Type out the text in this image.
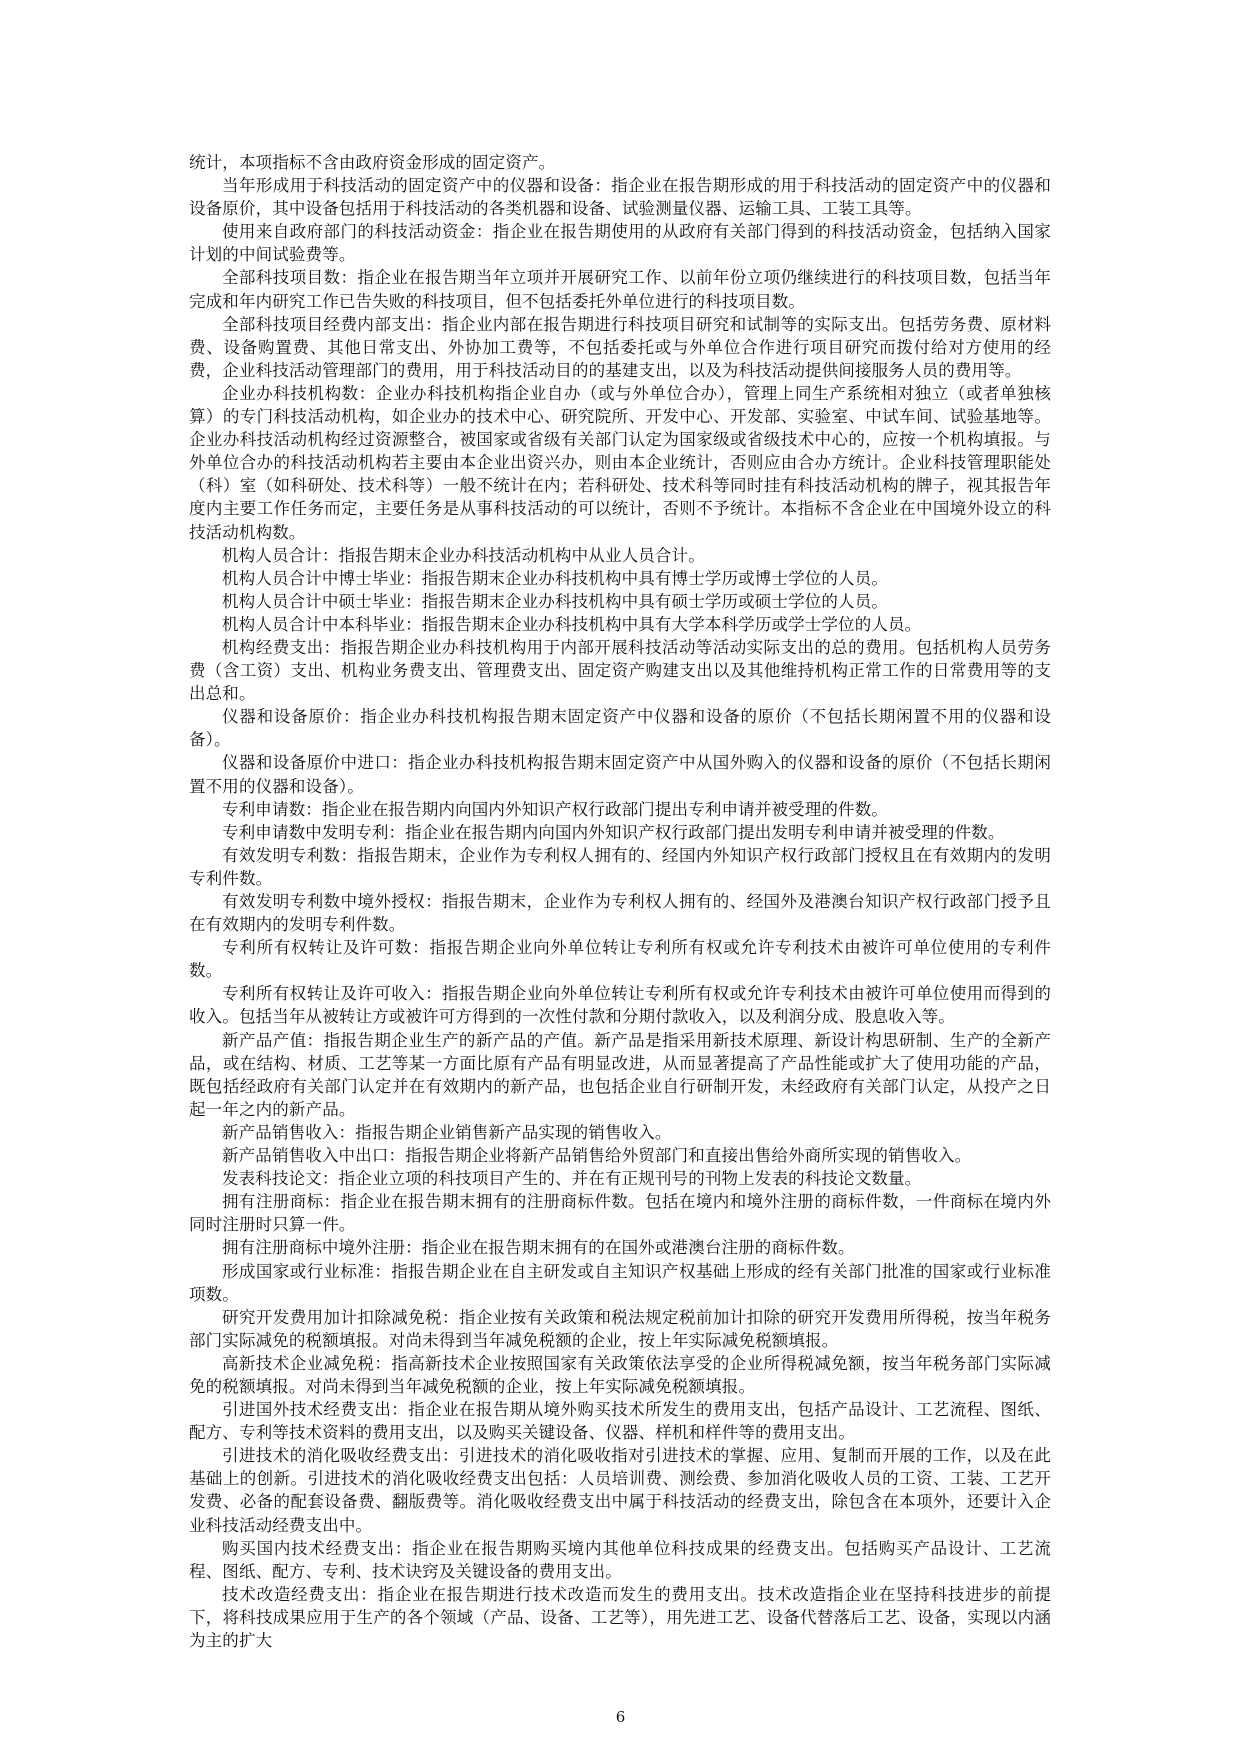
统计，本项指标不含由政府资金形成的固定资产。

当年形成用于科技活动的固定资产中的仪器和设备：指企业在报告期形成的用于科技活动的固定资产中的仪器和设备原价，其中设备包括用于科技活动的各类机器和设备、试验测量仪器、运输工具、工装工具等。

使用来自政府部门的科技活动资金：指企业在报告期使用的从政府有关部门得到的科技活动资金，包括纳入国家计划的中间试验费等。

全部科技项目数：指企业在报告期当年立项并开展研究工作、以前年份立项仍继续进行的科技项目数，包括当年完成和年内研究工作已告失败的科技项目，但不包括委托外单位进行的科技项目数。

全部科技项目经费内部支出：指企业内部在报告期进行科技项目研究和试制等的实际支出。包括劳务费、原材料费、设备购置费、其他日常支出、外协加工费等，不包括委托或与外单位合作进行项目研究而拨付给对方使用的经费，企业科技活动管理部门的费用，用于科技活动目的的基建支出，以及为科技活动提供间接服务人员的费用等。

企业办科技机构数：企业办科技机构指企业自办（或与外单位合办），管理上同生产系统相对独立（或者单独核算）的专门科技活动机构，如企业办的技术中心、研究院所、开发中心、开发部、实验室、中试车间、试验基地等。企业办科技活动机构经过资源整合，被国家或省级有关部门认定为国家级或省级技术中心的，应按一个机构填报。与外单位合办的科技活动机构若主要由本企业出资兴办，则由本企业统计，否则应由合办方统计。企业科技管理职能处（科）室（如科研处、技术科等）一般不统计在内；若科研处、技术科等同时挂有科技活动机构的牌子，视其报告年度内主要工作任务而定，主要任务是从事科技活动的可以统计，否则不予统计。本指标不含企业在中国境外设立的科技活动机构数。

机构人员合计：指报告期末企业办科技活动机构中从业人员合计。

机构人员合计中博士毕业：指报告期末企业办科技机构中具有博士学历或博士学位的人员。

机构人员合计中硕士毕业：指报告期末企业办科技机构中具有硕士学历或硕士学位的人员。

机构人员合计中本科毕业：指报告期末企业办科技机构中具有大学本科学历或学士学位的人员。

机构经费支出：指报告期企业办科技机构用于内部开展科技活动等活动实际支出的总的费用。包括机构人员劳务费（含工资）支出、机构业务费支出、管理费支出、固定资产购建支出以及其他维持机构正常工作的日常费用等的支出总和。

仪器和设备原价：指企业办科技机构报告期末固定资产中仪器和设备的原价（不包括长期闲置不用的仪器和设备）。

仪器和设备原价中进口：指企业办科技机构报告期末固定资产中从国外购入的仪器和设备的原价（不包括长期闲置不用的仪器和设备）。

专利申请数：指企业在报告期内向国内外知识产权行政部门提出专利申请并被受理的件数。

专利申请数中发明专利：指企业在报告期内向国内外知识产权行政部门提出发明专利申请并被受理的件数。

有效发明专利数：指报告期末，企业作为专利权人拥有的、经国内外知识产权行政部门授权且在有效期内的发明专利件数。

有效发明专利数中境外授权：指报告期末，企业作为专利权人拥有的、经国外及港澳台知识产权行政部门授予且在有效期内的发明专利件数。

专利所有权转让及许可数：指报告期企业向外单位转让专利所有权或允许专利技术由被许可单位使用的专利件数。

专利所有权转让及许可收入：指报告期企业向外单位转让专利所有权或允许专利技术由被许可单位使用而得到的收入。包括当年从被转让方或被许可方得到的一次性付款和分期付款收入，以及利润分成、股息收入等。

新产品产值：指报告期企业生产的新产品的产值。新产品是指采用新技术原理、新设计构思研制、生产的全新产品，或在结构、材质、工艺等某一方面比原有产品有明显改进，从而显著提高了产品性能或扩大了使用功能的产品，既包括经政府有关部门认定并在有效期内的新产品，也包括企业自行研制开发，未经政府有关部门认定，从投产之日起一年之内的新产品。

新产品销售收入：指报告期企业销售新产品实现的销售收入。

新产品销售收入中出口：指报告期企业将新产品销售给外贸部门和直接出售给外商所实现的销售收入。

发表科技论文：指企业立项的科技项目产生的、并在有正规刊号的刊物上发表的科技论文数量。

拥有注册商标：指企业在报告期末拥有的注册商标件数。包括在境内和境外注册的商标件数，一件商标在境内外同时注册时只算一件。

拥有注册商标中境外注册：指企业在报告期末拥有的在国外或港澳台注册的商标件数。

形成国家或行业标准：指报告期企业在自主研发或自主知识产权基础上形成的经有关部门批准的国家或行业标准项数。

研究开发费用加计扣除减免税：指企业按有关政策和税法规定税前加计扣除的研究开发费用所得税，按当年税务部门实际减免的税额填报。对尚未得到当年减免税额的企业，按上年实际减免税额填报。

高新技术企业减免税：指高新技术企业按照国家有关政策依法享受的企业所得税减免额，按当年税务部门实际减免的税额填报。对尚未得到当年减免税额的企业，按上年实际减免税额填报。

引进国外技术经费支出：指企业在报告期从境外购买技术所发生的费用支出，包括产品设计、工艺流程、图纸、配方、专利等技术资料的费用支出，以及购买关键设备、仪器、样机和样件等的费用支出。

引进技术的消化吸收经费支出：引进技术的消化吸收指对引进技术的掌握、应用、复制而开展的工作，以及在此基础上的创新。引进技术的消化吸收经费支出包括：人员培训费、测绘费、参加消化吸收人员的工资、工装、工艺开发费、必备的配套设备费、翻版费等。消化吸收经费支出中属于科技活动的经费支出，除包含在本项外，还要计入企业科技活动经费支出中。

购买国内技术经费支出：指企业在报告期购买境内其他单位科技成果的经费支出。包括购买产品设计、工艺流程、图纸、配方、专利、技术诀窍及关键设备的费用支出。

技术改造经费支出：指企业在报告期进行技术改造而发生的费用支出。技术改造指企业在坚持科技进步的前提下，将科技成果应用于生产的各个领域（产品、设备、工艺等），用先进工艺、设备代替落后工艺、设备，实现以内涵为主的扩大

6
